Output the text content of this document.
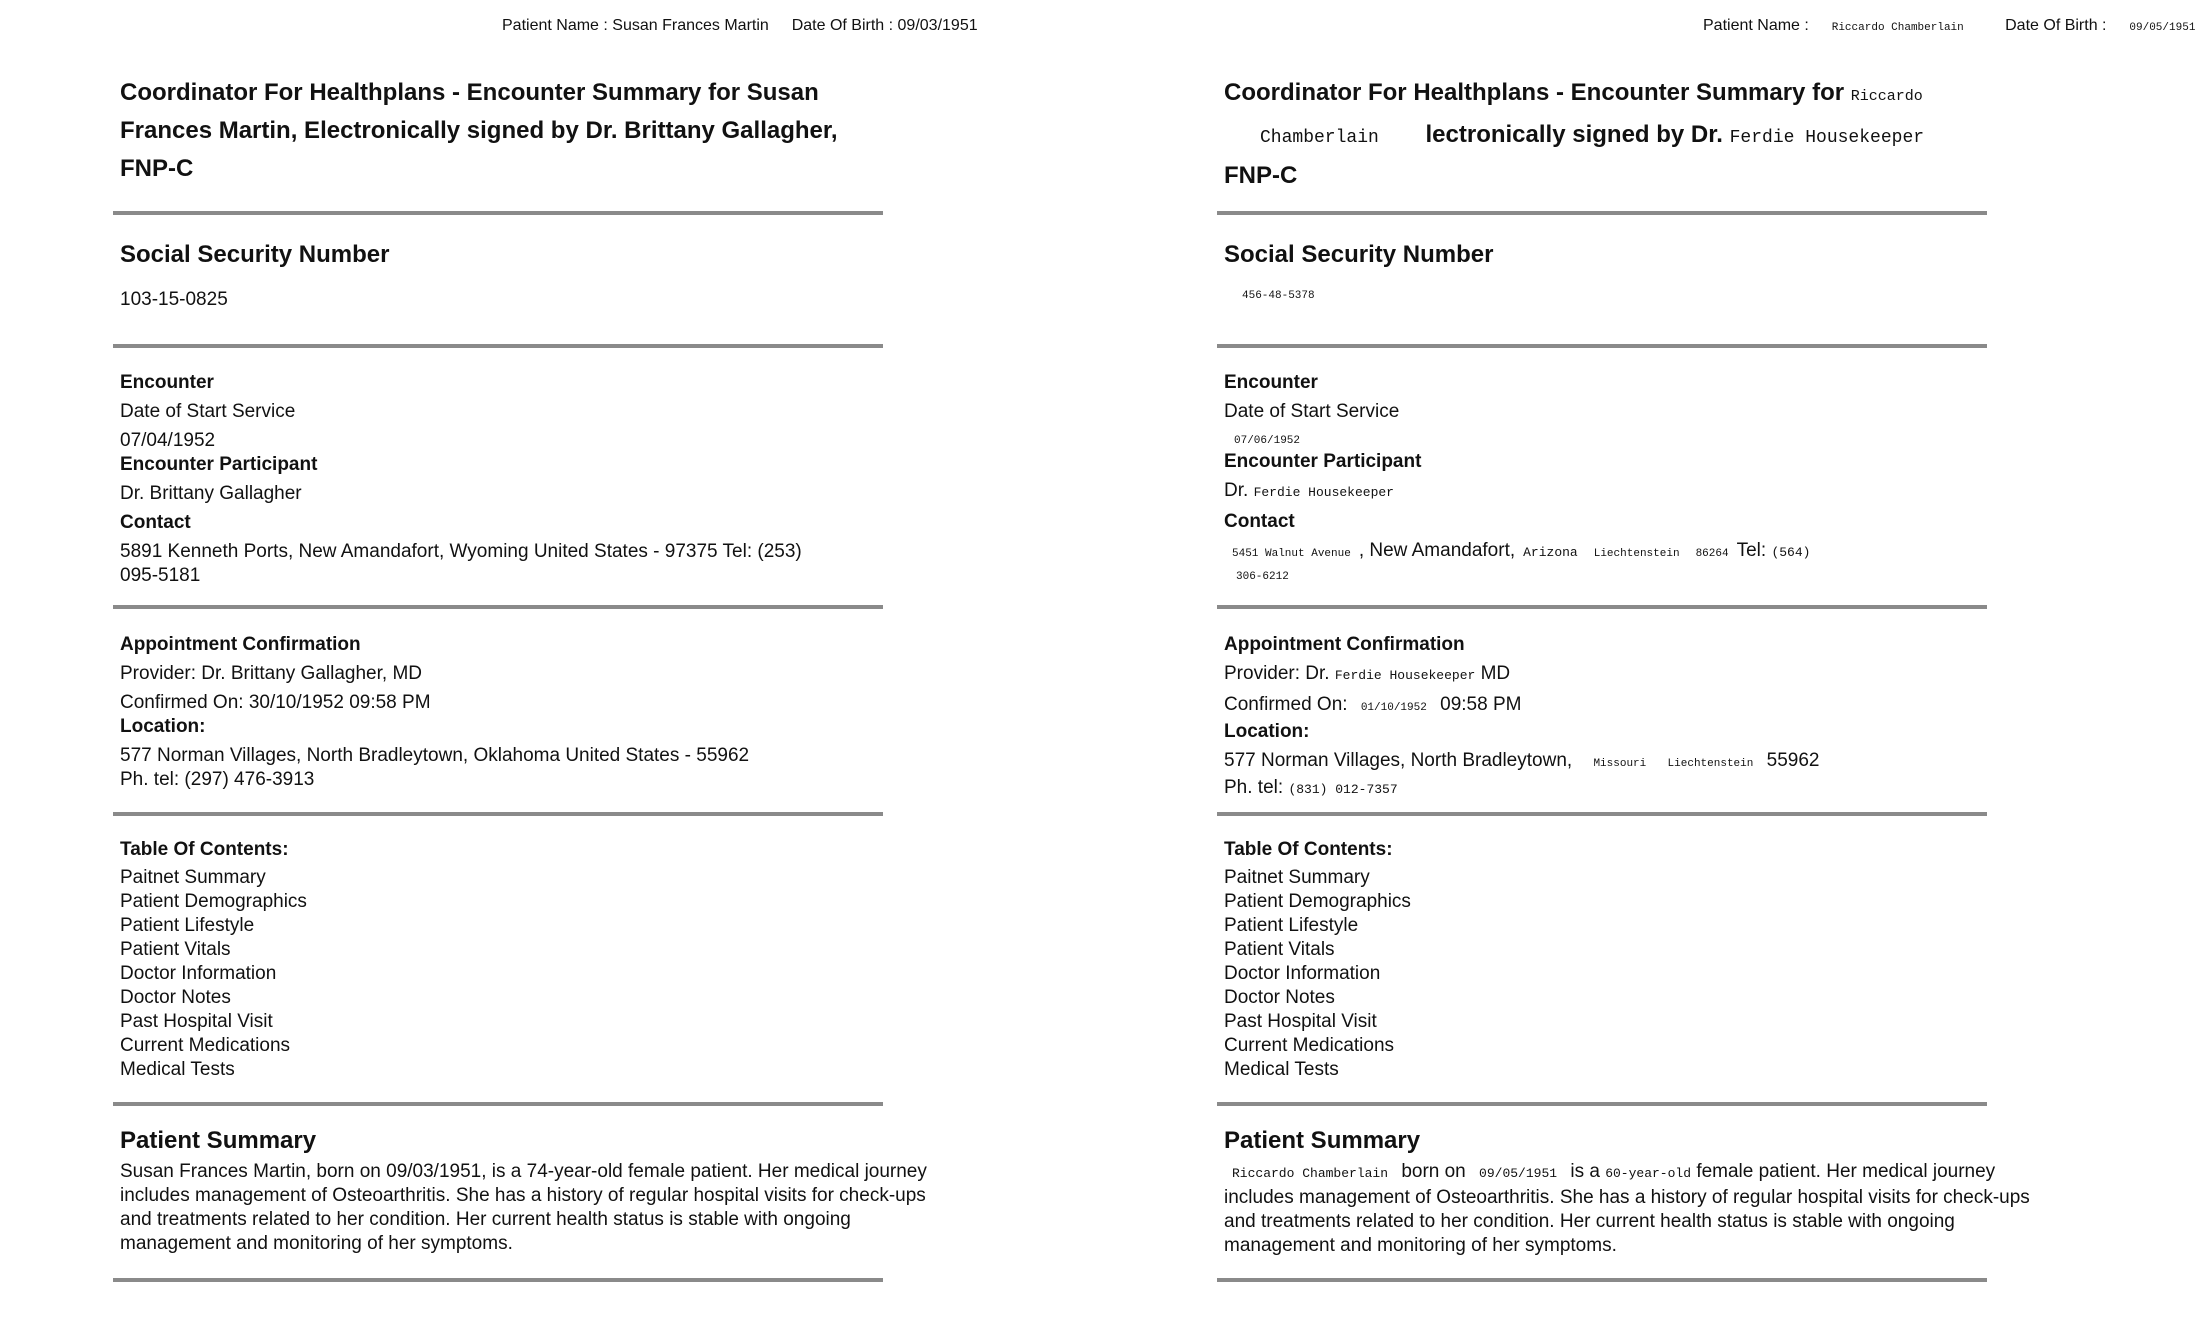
Patient Name : Susan Frances Martin Date Of Birth : 09/03/1951
Coordinator For Healthplans - Encounter Summary for Susan Frances Martin, Electronically signed by Dr. Brittany Gallagher, FNP-C
Social Security Number
103-15-0825
Encounter
Date of Start Service
07/04/1952
Encounter Participant
Dr. Brittany Gallagher
Contact
5891 Kenneth Ports, New Amandafort, Wyoming United States - 97375 Tel: (253)
095-5181
Appointment Confirmation
Provider: Dr. Brittany Gallagher, MD
Confirmed On: 30/10/1952 09:58 PM
Location:
577 Norman Villages, North Bradleytown, Oklahoma United States - 55962
Ph. tel: (297) 476-3913
Table Of Contents:
Paitnet Summary
Patient Demographics
Patient Lifestyle
Patient Vitals
Doctor Information
Doctor Notes
Past Hospital Visit
Current Medications
Medical Tests
Patient Summary
Susan Frances Martin, born on 09/03/1951, is a 74-year-old female patient. Her medical journey includes management of Osteoarthritis. She has a history of regular hospital visits for check-ups and treatments related to her condition. Her current health status is stable with ongoing management and monitoring of her symptoms.
Patient Name : Riccardo Chamberlain	Date Of Birth : 09/05/1951
Coordinator For Healthplans - Encounter Summary for Riccardo
Chamberlain lectronically signed by Dr. Ferdie Housekeeper
FNP-C
Social Security Number
456-48-5378
Encounter
Date of Start Service
07/06/1952
Encounter Participant
Dr. Ferdie Housekeeper
Contact
5451 Walnut Avenue , New Amandafort, Arizona Liechtenstein 86264 Tel: (564)
306-6212
Appointment Confirmation
Provider: Dr. Ferdie Housekeeper MD
Confirmed On: 01/10/1952 09:58 PM
Location:
577 Norman Villages, North Bradleytown, Missouri Liechtenstein 55962
Ph. tel: (831) 012-7357
Table Of Contents:
Paitnet Summary
Patient Demographics
Patient Lifestyle
Patient Vitals
Doctor Information
Doctor Notes
Past Hospital Visit
Current Medications
Medical Tests
Patient Summary
Riccardo Chamberlain born on 09/05/1951 is a 60-year-old female patient. Her medical journey includes management of Osteoarthritis. She has a history of regular hospital visits for check-ups and treatments related to her condition. Her current health status is stable with ongoing management and monitoring of her symptoms.
